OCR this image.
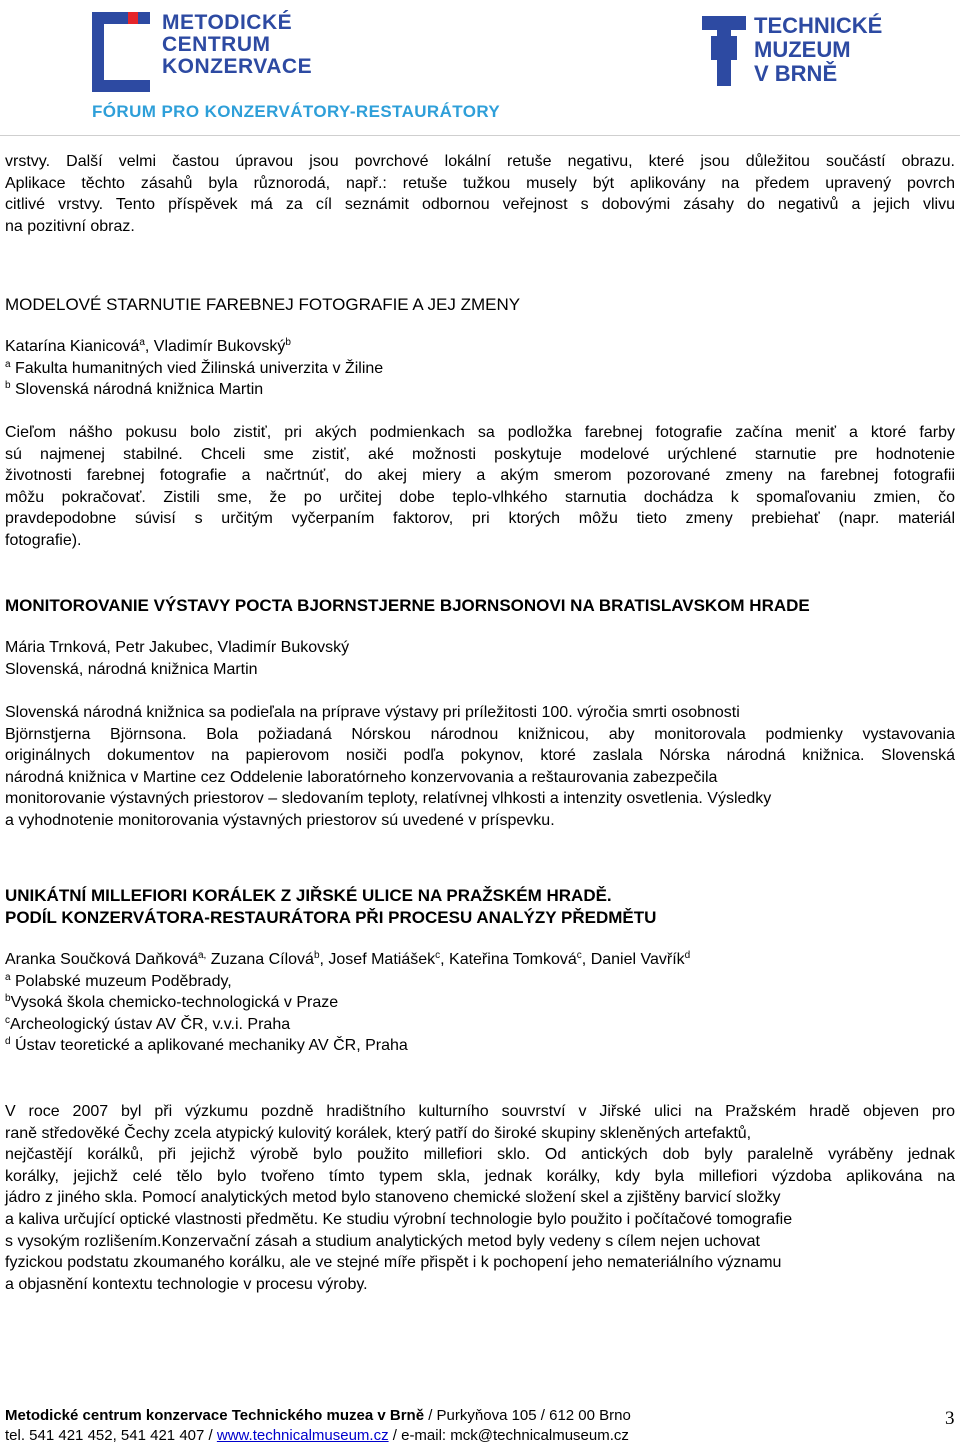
METODICKÉ
CENTRUM
KONZERVACE
TECHNICKÉ
MUZEUM
V BRNĚ
FÓRUM PRO KONZERVÁTORY-RESTAURÁTORY
vrstvy. Další velmi častou úpravou jsou povrchové lokální retuše negativu, které jsou důležitou součástí obrazu.
Aplikace těchto zásahů byla různorodá, např.: retuše tužkou musely být aplikovány na předem upravený povrch
citlivé vrstvy. Tento příspěvek má za cíl seznámit odbornou veřejnost s dobovými zásahy do negativů a jejich vlivu
na pozitivní obraz.
MODELOVÉ STARNUTIE FAREBNEJ FOTOGRAFIE A JEJ ZMENY
Katarína Kianicová$^a$, Vladimír Bukovský$^b$
$^a$ Fakulta humanitných vied Žilinská univerzita v Žiline
$^b$ Slovenská národná knižnica Martin
Cieľom nášho pokusu bolo zistiť, pri akých podmienkach sa podložka farebnej fotografie začína meniť a ktoré farby
sú najmenej stabilné. Chceli sme zistiť, aké možnosti poskytuje modelové urýchlené starnutie pre hodnotenie
životnosti farebnej fotografie a načrtnúť, do akej miery a akým smerom pozorované zmeny na farebnej fotografii
môžu pokračovať. Zistili sme, že po určitej dobe teplo-vlhkého starnutia dochádza k spomaľovaniu zmien, čo
pravdepodobne súvisí s určitým vyčerpaním faktorov, pri ktorých môžu tieto zmeny prebiehať (napr. materiál
fotografie).
MONITOROVANIE VÝSTAVY POCTA BJORNSTJERNE BJORNSONOVI NA BRATISLAVSKOM HRADE
Mária Trnková, Petr Jakubec, Vladimír Bukovský
Slovenská, národná knižnica Martin
Slovenská národná knižnica sa podieľala na príprave výstavy pri príležitosti 100. výročia smrti osobnosti
Björnstjerna Björnsona. Bola požiadaná Nórskou národnou knižnicou, aby monitorovala podmienky vystavovania
originálnych dokumentov na papierovom nosiči podľa pokynov, ktoré zaslala Nórska národná knižnica. Slovenská
národná knižnica v Martine cez Oddelenie laboratórneho konzervovania a reštaurovania zabezpečila
monitorovanie výstavných priestorov – sledovaním teploty, relatívnej vlhkosti a intenzity osvetlenia. Výsledky
a vyhodnotenie monitorovania výstavných priestorov sú uvedené v príspevku.
UNIKÁTNÍ MILLEFIORI KORÁLEK Z JIŘSKÉ ULICE NA PRAŽSKÉM HRADĚ.
PODÍL KONZERVÁTORA-RESTAURÁTORA PŘI PROCESU ANALÝZY PŘEDMĚTU
Aranka Součková Daňková$^{a,}$ Zuzana Cílová$^b$, Josef Matiášek$^c$, Kateřina Tomková$^c$, Daniel Vavřík$^d$
$^a$ Polabské muzeum Poděbrady,
$^b$Vysoká škola chemicko-technologická v Praze
$^c$Archeologický ústav AV ČR, v.v.i. Praha
$^d$ Ústav teoretické a aplikované mechaniky AV ČR, Praha
V roce 2007 byl při výzkumu pozdně hradištního kulturního souvrství v Jiřské ulici na Pražském hradě objeven pro
raně středověké Čechy zcela atypický kulovitý korálek, který patří do široké skupiny skleněných artefaktů,
nejčastějí korálků, při jejichž výrobě bylo použito millefiori sklo. Od antických dob byly paralelně vyráběny jednak
korálky, jejichž celé tělo bylo tvořeno tímto typem skla, jednak korálky, kdy byla millefiori výzdoba aplikována na
jádro z jiného skla. Pomocí analytických metod bylo stanoveno chemické složení skel a zjištěny barvicí složky
a kaliva určující optické vlastnosti předmětu. Ke studiu výrobní technologie bylo použito i počítačové tomografie
s vysokým rozlišením.Konzervační zásah a studium analytických metod byly vedeny s cílem nejen uchovat
fyzickou podstatu zkoumaného korálku, ale ve stejné míře přispět i k pochopení jeho nemateriálního významu
a objasnění kontextu technologie v procesu výroby.
Metodické centrum konzervace Technického muzea v Brně / Purkyňova 105 / 612 00 Brno
tel. 541 421 452, 541 421 407 / www.technicalmuseum.cz / e-mail: mck@technicalmuseum.cz
3
